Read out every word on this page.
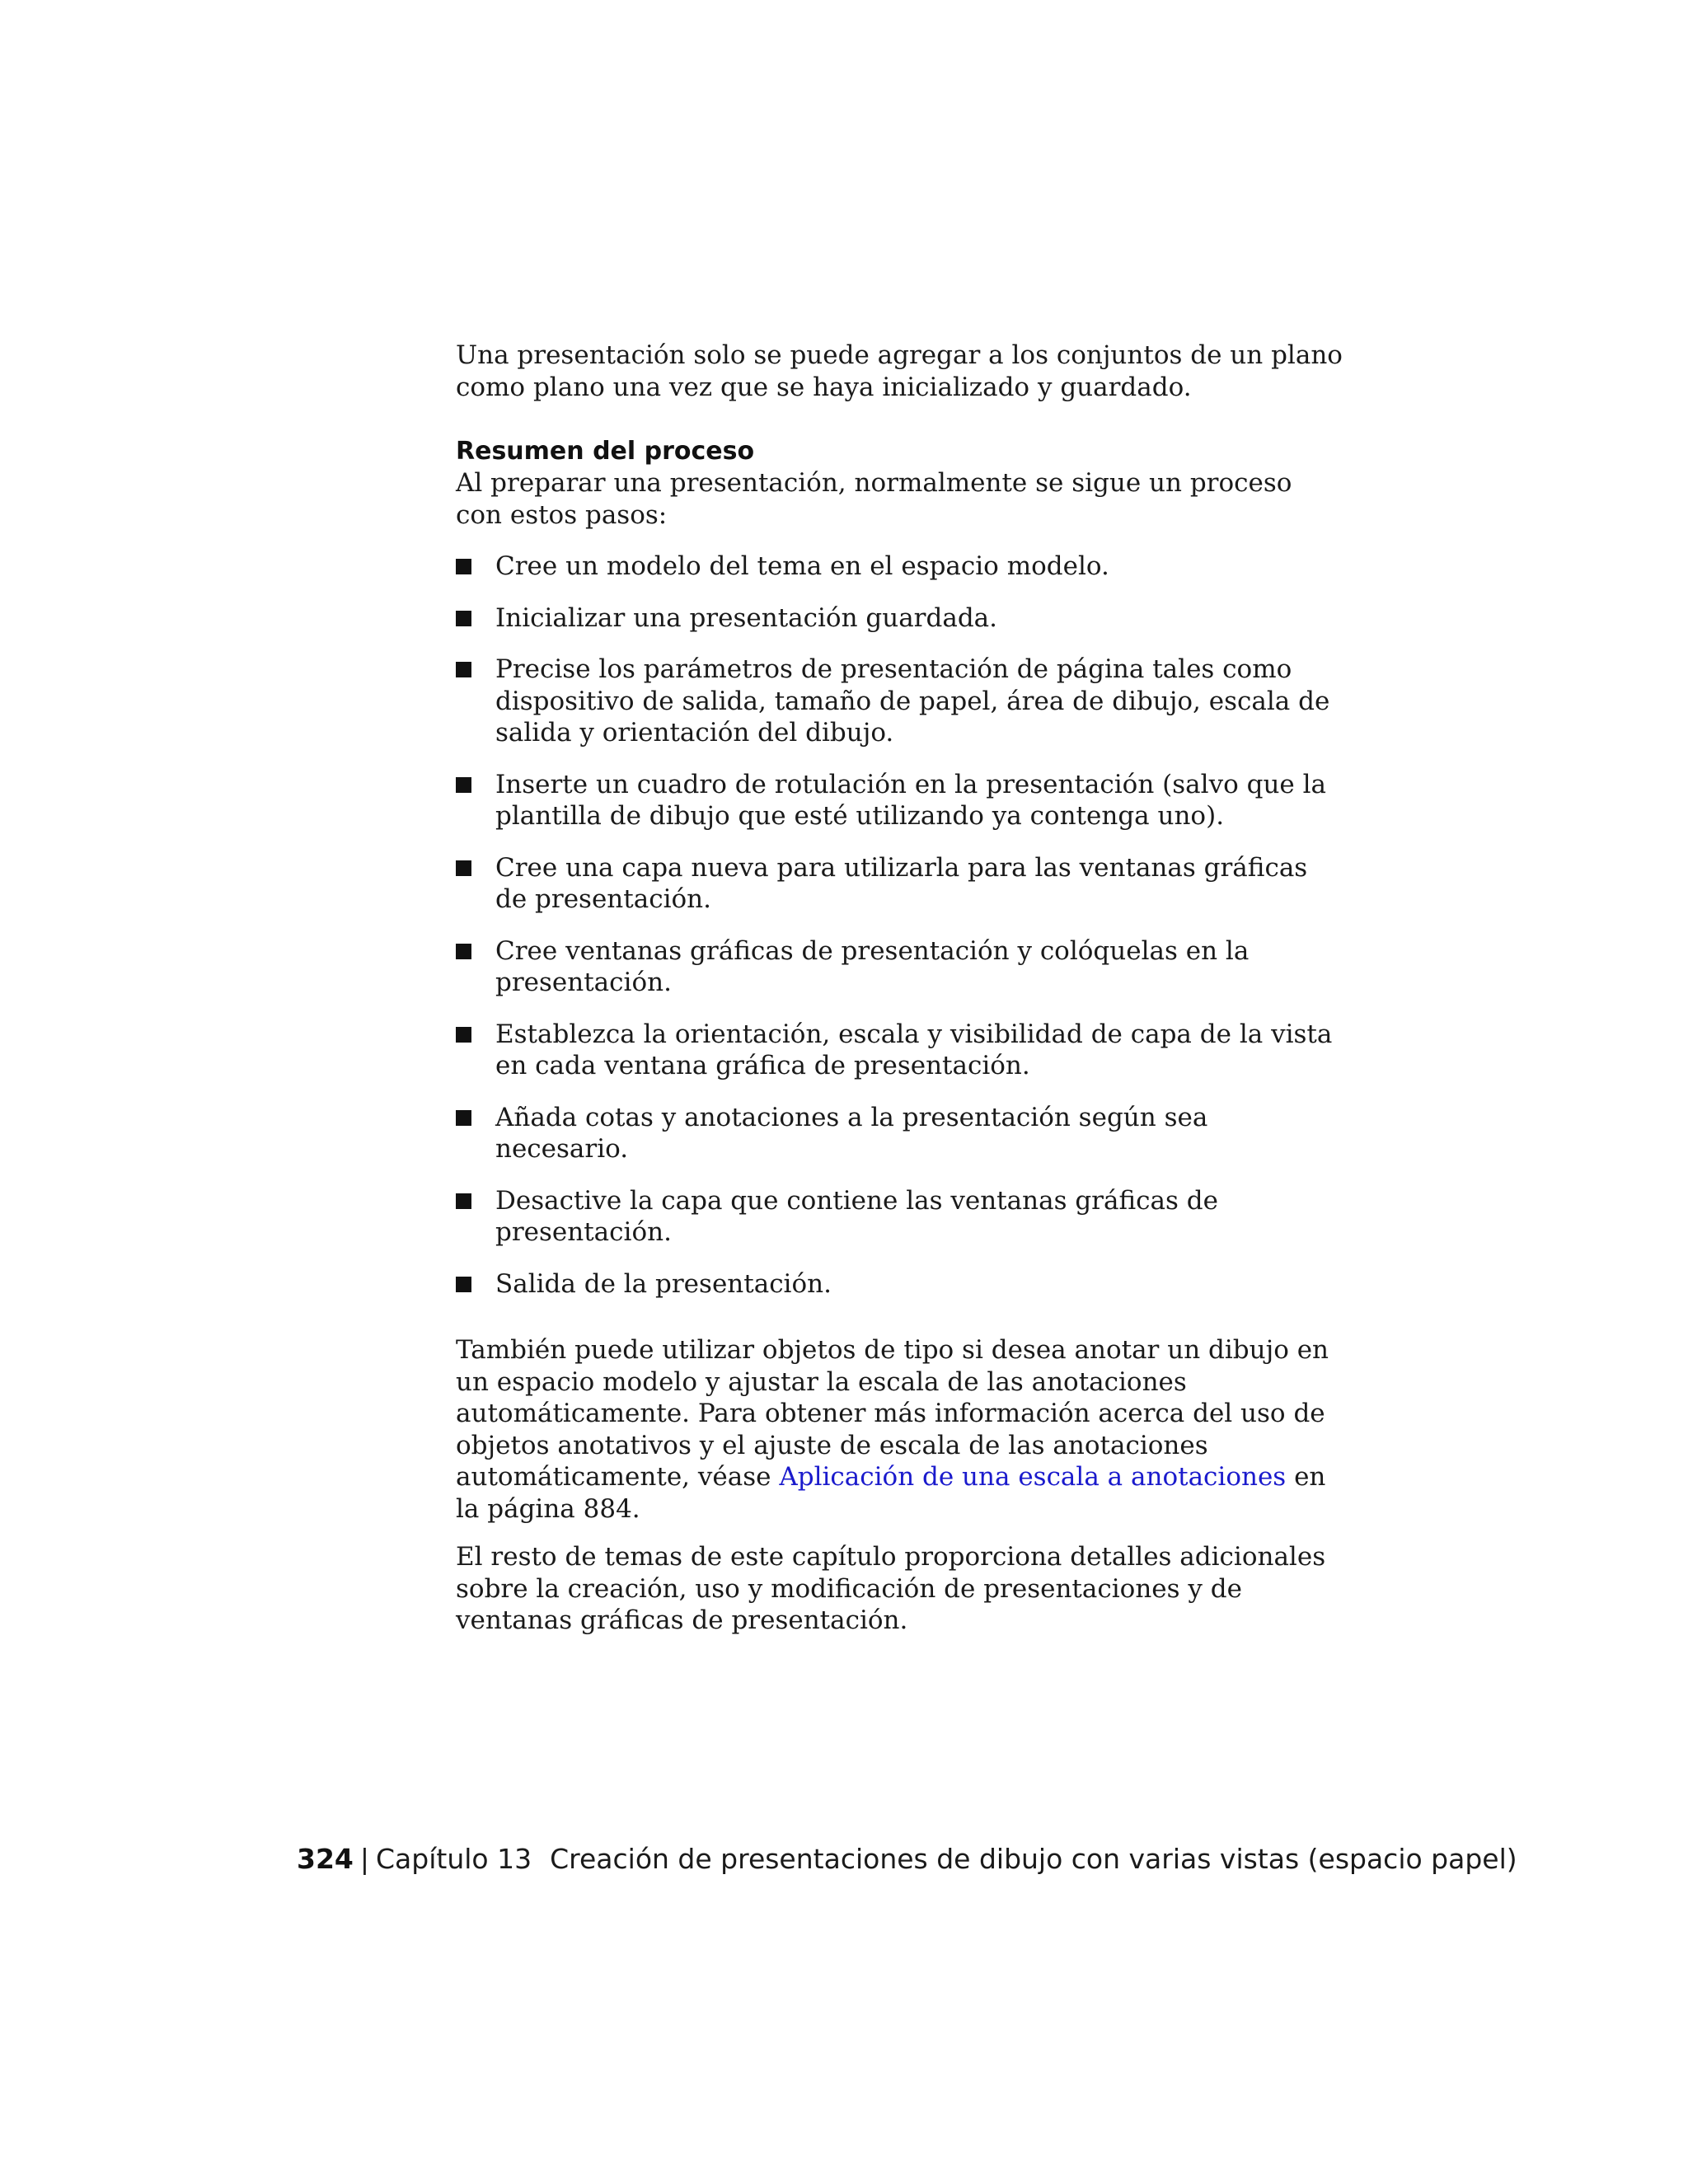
Una presentación solo se puede agregar a los conjuntos de un plano como plano una vez que se haya inicializado y guardado.

Resumen del proceso

Al preparar una presentación, normalmente se sigue un proceso con estos pasos:

Cree un modelo del tema en el espacio modelo.
Inicializar una presentación guardada.
Precise los parámetros de presentación de página tales como dispositivo de salida, tamaño de papel, área de dibujo, escala de salida y orientación del dibujo.
Inserte un cuadro de rotulación en la presentación (salvo que la plantilla de dibujo que esté utilizando ya contenga uno).
Cree una capa nueva para utilizarla para las ventanas gráficas de presentación.
Cree ventanas gráficas de presentación y colóquelas en la presentación.
Establezca la orientación, escala y visibilidad de capa de la vista en cada ventana gráfica de presentación.
Añada cotas y anotaciones a la presentación según sea necesario.
Desactive la capa que contiene las ventanas gráficas de presentación.
Salida de la presentación.

También puede utilizar objetos de tipo si desea anotar un dibujo en un espacio modelo y ajustar la escala de las anotaciones automáticamente. Para obtener más información acerca del uso de objetos anotativos y el ajuste de escala de las anotaciones automáticamente, véase Aplicación de una escala a anotaciones en la página 884.

El resto de temas de este capítulo proporciona detalles adicionales sobre la creación, uso y modificación de presentaciones y de ventanas gráficas de presentación.

324 | Capítulo 13 Creación de presentaciones de dibujo con varias vistas (espacio papel)
